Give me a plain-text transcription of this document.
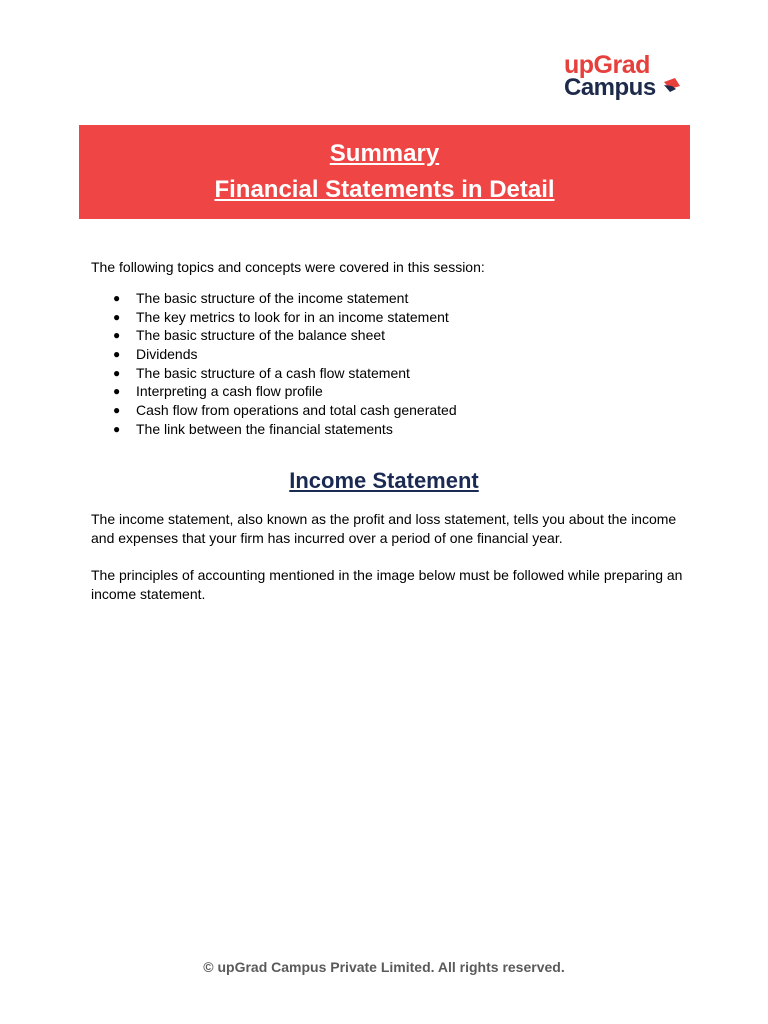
upGrad
Campus
Summary
Financial Statements in Detail
The following topics and concepts were covered in this session:
● The basic structure of the income statement
● The key metrics to look for in an income statement
● The basic structure of the balance sheet
● Dividends
● The basic structure of a cash flow statement
● Interpreting a cash flow profile
● Cash flow from operations and total cash generated
● The link between the financial statements
Income Statement
The income statement, also known as the profit and loss statement, tells you about the income and expenses that your firm has incurred over a period of one financial year.
The principles of accounting mentioned in the image below must be followed while preparing an income statement.
© upGrad Campus Private Limited. All rights reserved.
